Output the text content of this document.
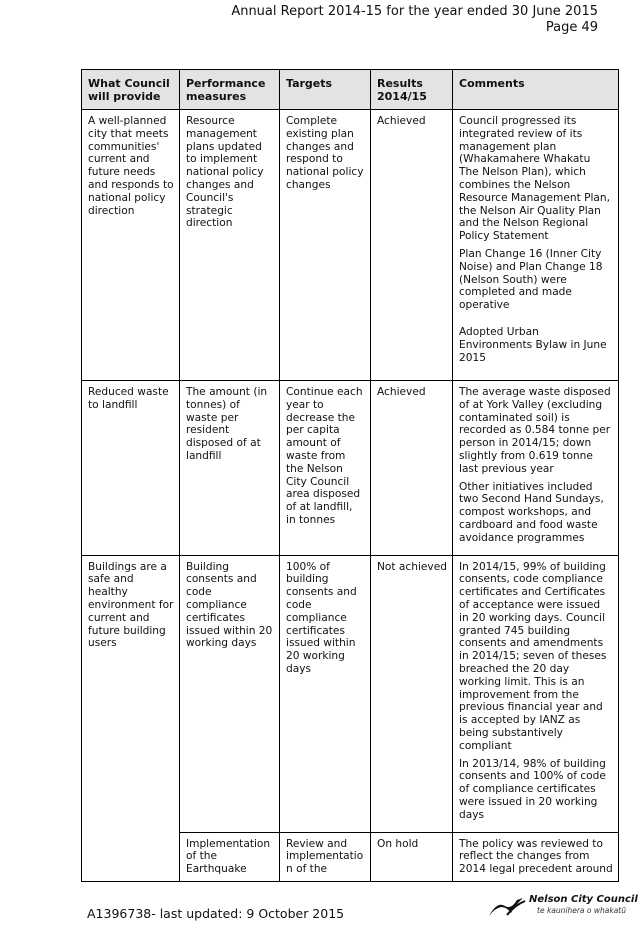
Annual Report 2014-15 for the year ended 30 June 2015
Page 49
What Council will provide	Performance measures	Targets	Results 2014/15	Comments
A well-planned city that meets communities' current and future needs and responds to national policy direction	Resource management plans updated to implement national policy changes and Council's strategic direction	Complete existing plan changes and respond to national policy changes	Achieved	Council progressed its integrated review of its management plan (Whakamahere Whakatu The Nelson Plan), which combines the Nelson Resource Management Plan, the Nelson Air Quality Plan and the Nelson Regional Policy Statement

Plan Change 16 (Inner City Noise) and Plan Change 18 (Nelson South) were completed and made operative

Adopted Urban Environments Bylaw in June 2015

Reduced waste to landfill	The amount (in tonnes) of waste per resident disposed of at landfill	Continue each year to decrease the per capita amount of waste from the Nelson City Council area disposed of at landfill, in tonnes	Achieved	The average waste disposed of at York Valley (excluding contaminated soil) is recorded as 0.584 tonne per person in 2014/15; down slightly from 0.619 tonne last previous year

Other initiatives included two Second Hand Sundays, compost workshops, and cardboard and food waste avoidance programmes

Buildings are a safe and healthy environment for current and future building users	Building consents and code compliance certificates issued within 20 working days	100% of building consents and code compliance certificates issued within 20 working days	Not achieved	In 2014/15, 99% of building consents, code compliance certificates and Certificates of acceptance were issued in 20 working days. Council granted 745 building consents and amendments in 2014/15; seven of theses breached the 20 day working limit. This is an improvement from the previous financial year and is accepted by IANZ as being substantively compliant

In 2013/14, 98% of building consents and 100% of code of compliance certificates were issued in 20 working days

	Implementation of the Earthquake	Review and implementatio n of the	On hold	The policy was reviewed to reflect the changes from 2014 legal precedent around

A1396738- last updated: 9 October 2015
Nelson City Council
te kaunihera o whakatū
